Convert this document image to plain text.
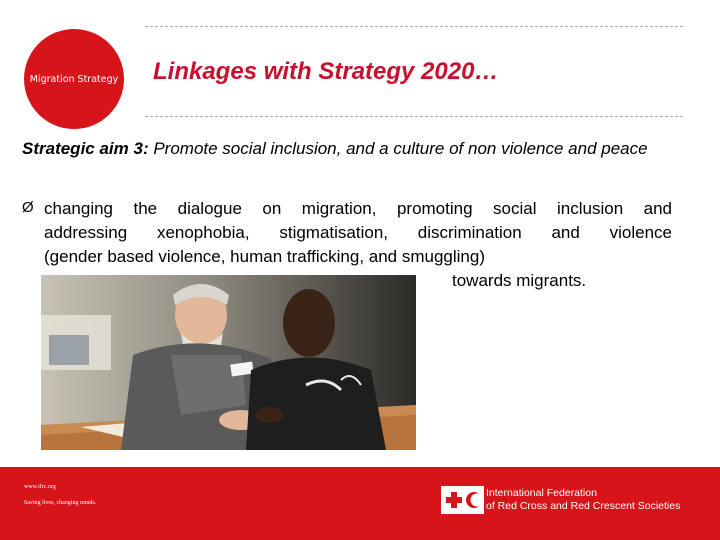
Migration Strategy Linkages with Strategy 2020…
Strategic aim 3: Promote social inclusion, and a culture of non violence and peace
Ø changing the dialogue on migration, promoting social inclusion and
addressing xenophobia, stigmatisation, discrimination and violence
(gender based violence, human trafficking, and smuggling)
towards migrants.
www.ifrc.org
Saving lives, changing minds.
International Federation
of Red Cross and Red Crescent Societies
